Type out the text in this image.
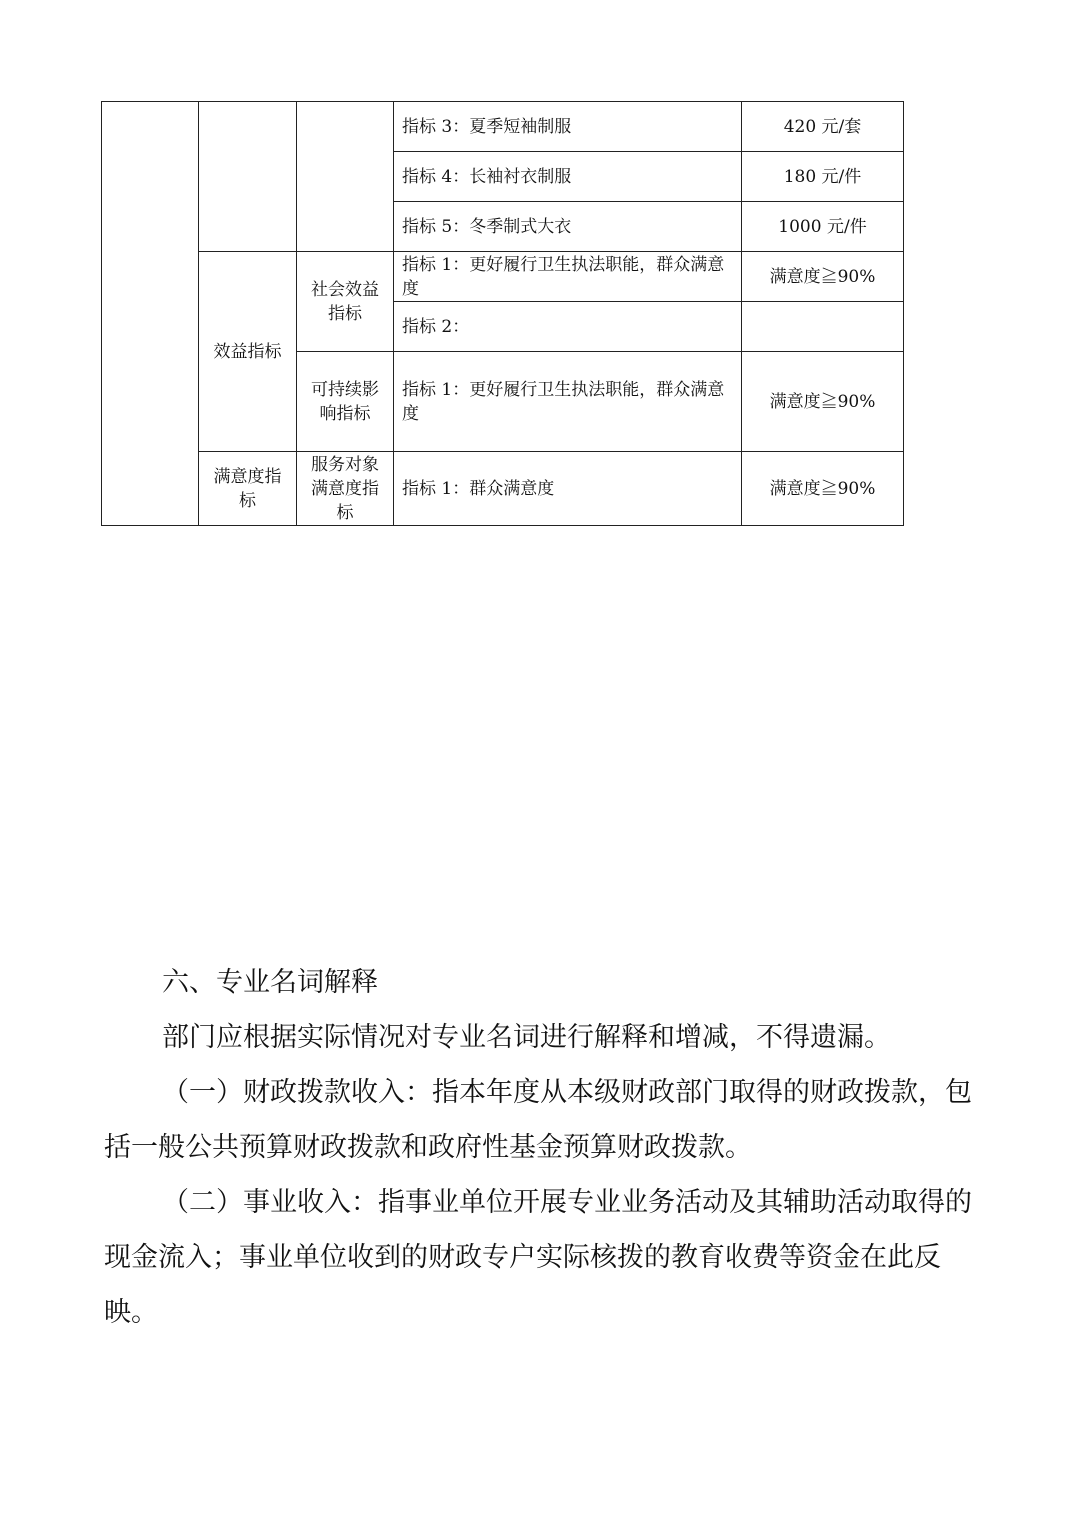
			指标 3：夏季短袖制服	420 元/套
			指标 4：长袖衬衣制服	180 元/件
			指标 5：冬季制式大衣	1000 元/件
	效益指标	社会效益指标	指标 1：更好履行卫生执法职能，群众满意度	满意度≧90%
			指标 2：	
		可持续影响指标	指标 1：更好履行卫生执法职能，群众满意度	满意度≧90%
	满意度指标	服务对象满意度指标	指标 1：群众满意度	满意度≧90%
六、专业名词解释

部门应根据实际情况对专业名词进行解释和增减，不得遗漏。

（一）财政拨款收入：指本年度从本级财政部门取得的财政拨款，包括一般公共预算财政拨款和政府性基金预算财政拨款。

（二）事业收入：指事业单位开展专业业务活动及其辅助活动取得的现金流入；事业单位收到的财政专户实际核拨的教育收费等资金在此反映。
